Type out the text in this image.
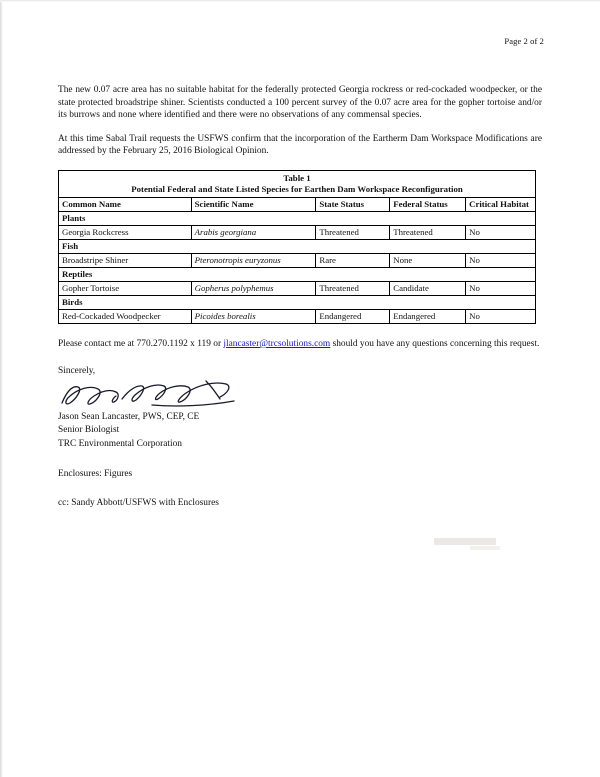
Page 2 of 2

The new 0.07 acre area has no suitable habitat for the federally protected Georgia rockress or red-cockaded woodpecker, or the state protected broadstripe shiner. Scientists conducted a 100 percent survey of the 0.07 acre area for the gopher tortoise and/or its burrows and none where identified and there were no observations of any commensal species.

At this time Sabal Trail requests the USFWS confirm that the incorporation of the Eartherm Dam Workspace Modifications are addressed by the February 25, 2016 Biological Opinion.

Table 1				
Potential Federal and State Listed Species for Earthen Dam Workspace Reconfiguration				
Common Name	Scientific Name	State Status	Federal Status	Critical Habitat
Plants				
Georgia Rockcress	Arabis georgiana	Threatened	Threatened	No
Fish				
Broadstripe Shiner	Pteronotropis euryzonus	Rare	None	No
Reptiles				
Gopher Tortoise	Gopherus polyphemus	Threatened	Candidate	No
Birds				
Red-Cockaded Woodpecker	Picoides borealis	Endangered	Endangered	No

Please contact me at 770.270.1192 x 119 or jlancaster@trcsolutions.com should you have any questions concerning this request.

Sincerely,

Jason Sean Lancaster, PWS, CEP, CE
Senior Biologist
TRC Environmental Corporation
Enclosures: Figures
cc: Sandy Abbott/USFWS with Enclosures
